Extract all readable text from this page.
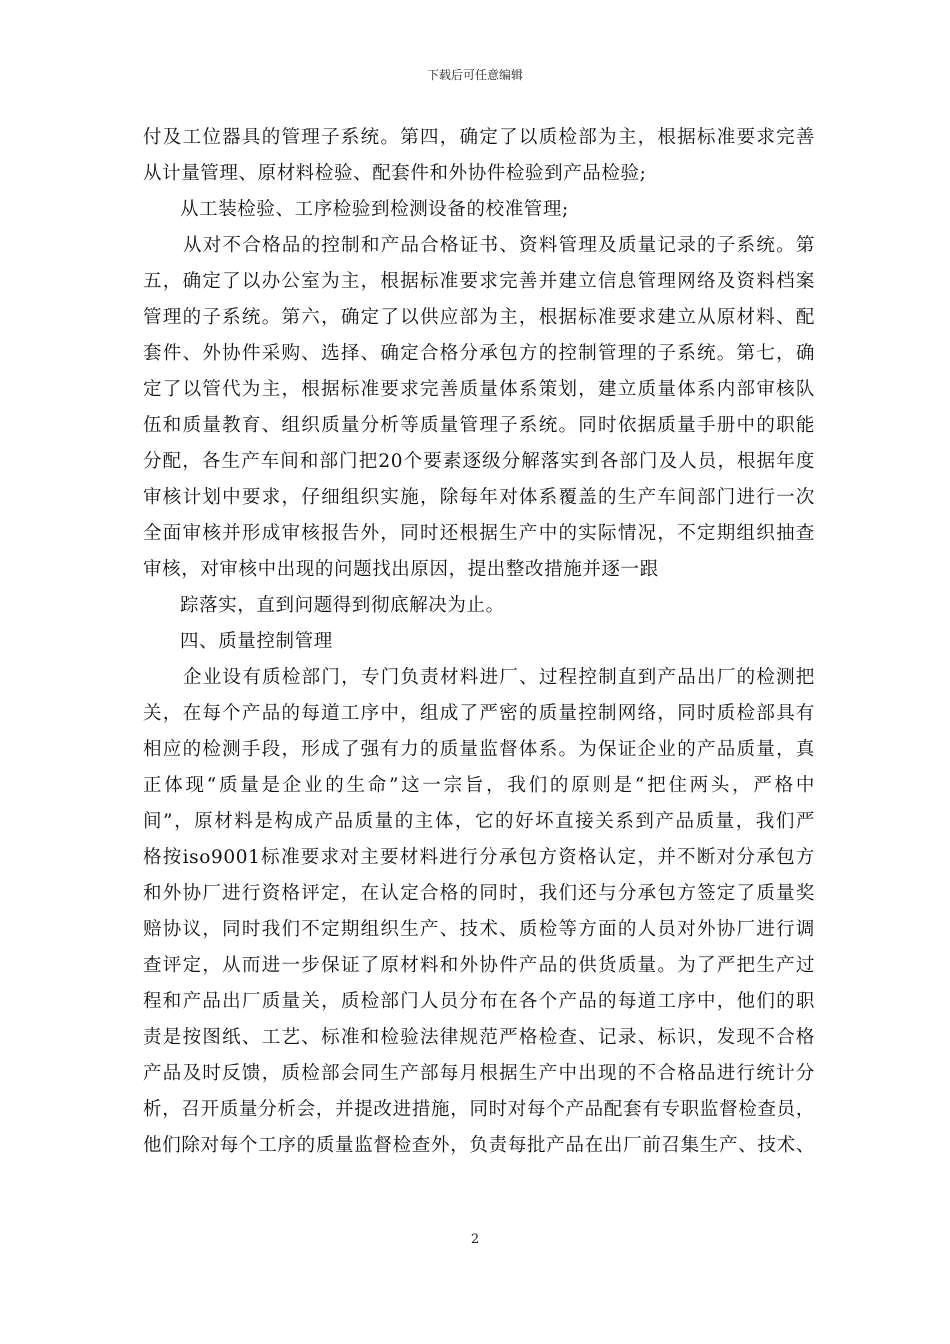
下载后可任意编辑
付及工位器具的管理子系统。第四，确定了以质检部为主，根据标准要求完善
从计量管理、原材料检验、配套件和外协件检验到产品检验;
从工装检验、工序检验到检测设备的校准管理;
从对不合格品的控制和产品合格证书、资料管理及质量记录的子系统。第
五，确定了以办公室为主，根据标准要求完善并建立信息管理网络及资料档案
管理的子系统。第六，确定了以供应部为主，根据标准要求建立从原材料、配
套件、外协件采购、选择、确定合格分承包方的控制管理的子系统。第七，确
定了以管代为主，根据标准要求完善质量体系策划，建立质量体系内部审核队
伍和质量教育、组织质量分析等质量管理子系统。同时依据质量手册中的职能
分配，各生产车间和部门把20个要素逐级分解落实到各部门及人员，根据年度
审核计划中要求，仔细组织实施，除每年对体系覆盖的生产车间部门进行一次
全面审核并形成审核报告外，同时还根据生产中的实际情况，不定期组织抽查
审核，对审核中出现的问题找出原因，提出整改措施并逐一跟
踪落实，直到问题得到彻底解决为止。
四、质量控制管理
企业设有质检部门，专门负责材料进厂、过程控制直到产品出厂的检测把
关，在每个产品的每道工序中，组成了严密的质量控制网络，同时质检部具有
相应的检测手段，形成了强有力的质量监督体系。为保证企业的产品质量，真
正体现“质量是企业的生命”这一宗旨，我们的原则是“把住两头，严格中
间”，原材料是构成产品质量的主体，它的好坏直接关系到产品质量，我们严
格按iso9001标准要求对主要材料进行分承包方资格认定，并不断对分承包方
和外协厂进行资格评定，在认定合格的同时，我们还与分承包方签定了质量奖
赔协议，同时我们不定期组织生产、技术、质检等方面的人员对外协厂进行调
查评定，从而进一步保证了原材料和外协件产品的供货质量。为了严把生产过
程和产品出厂质量关，质检部门人员分布在各个产品的每道工序中，他们的职
责是按图纸、工艺、标准和检验法律规范严格检查、记录、标识，发现不合格
产品及时反馈，质检部会同生产部每月根据生产中出现的不合格品进行统计分
析，召开质量分析会，并提改进措施，同时对每个产品配套有专职监督检查员，
他们除对每个工序的质量监督检查外，负责每批产品在出厂前召集生产、技术、
2
